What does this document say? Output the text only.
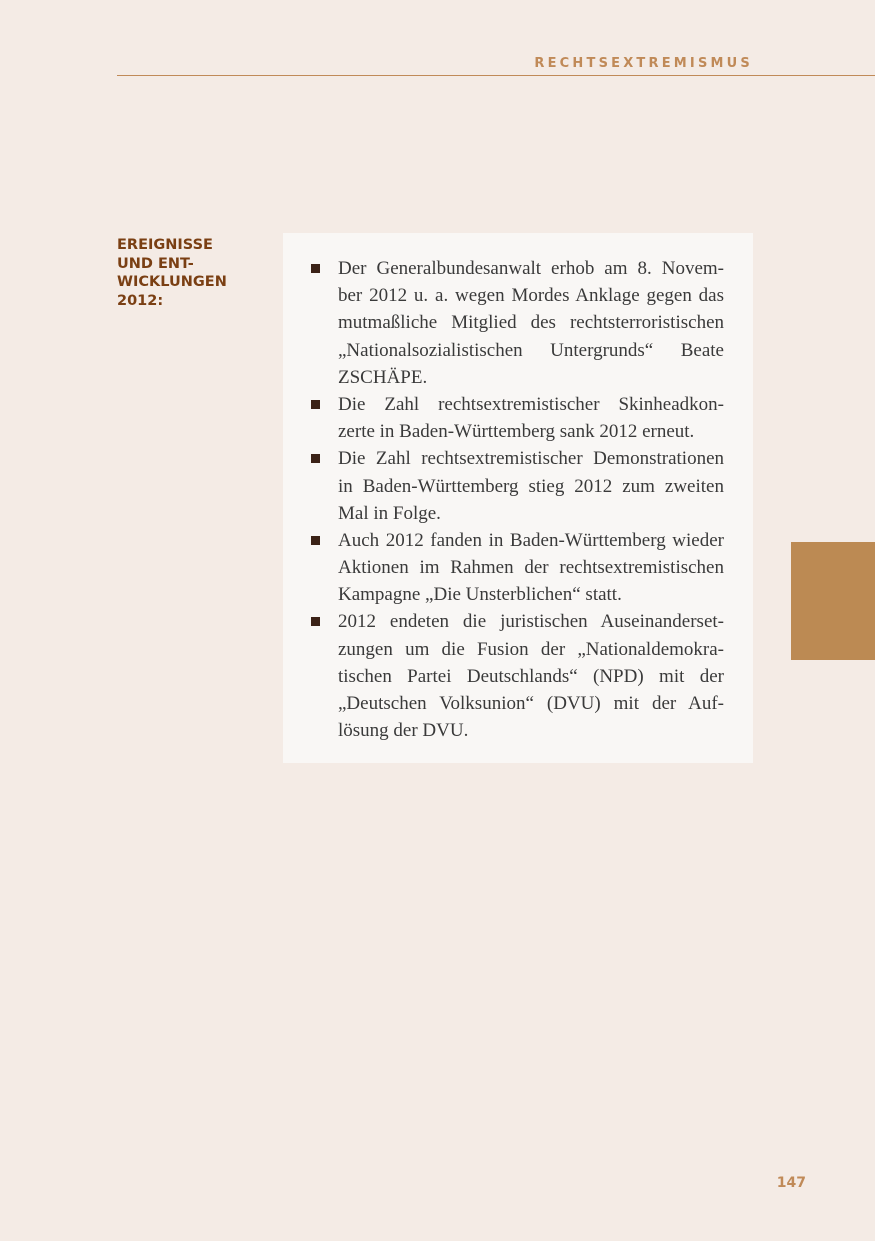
RECHTSEXTREMISMUS
EREIGNISSE
UND ENT-
WICKLUNGEN
2012:
Der Generalbundesanwalt erhob am 8. Novem-
ber 2012 u. a. wegen Mordes Anklage gegen das
mutmaßliche Mitglied des rechtsterroristischen
„Nationalsozialistischen Untergrunds“ Beate
ZSCHÄPE.
Die Zahl rechtsextremistischer Skinheadkon-
zerte in Baden-Württemberg sank 2012 erneut.
Die Zahl rechtsextremistischer Demonstrationen
in Baden-Württemberg stieg 2012 zum zweiten
Mal in Folge.
Auch 2012 fanden in Baden-Württemberg wieder
Aktionen im Rahmen der rechtsextremistischen
Kampagne „Die Unsterblichen“ statt.
2012 endeten die juristischen Auseinanderset-
zungen um die Fusion der „Nationaldemokra-
tischen Partei Deutschlands“ (NPD) mit der
„Deutschen Volksunion“ (DVU) mit der Auf-
lösung der DVU.
147
